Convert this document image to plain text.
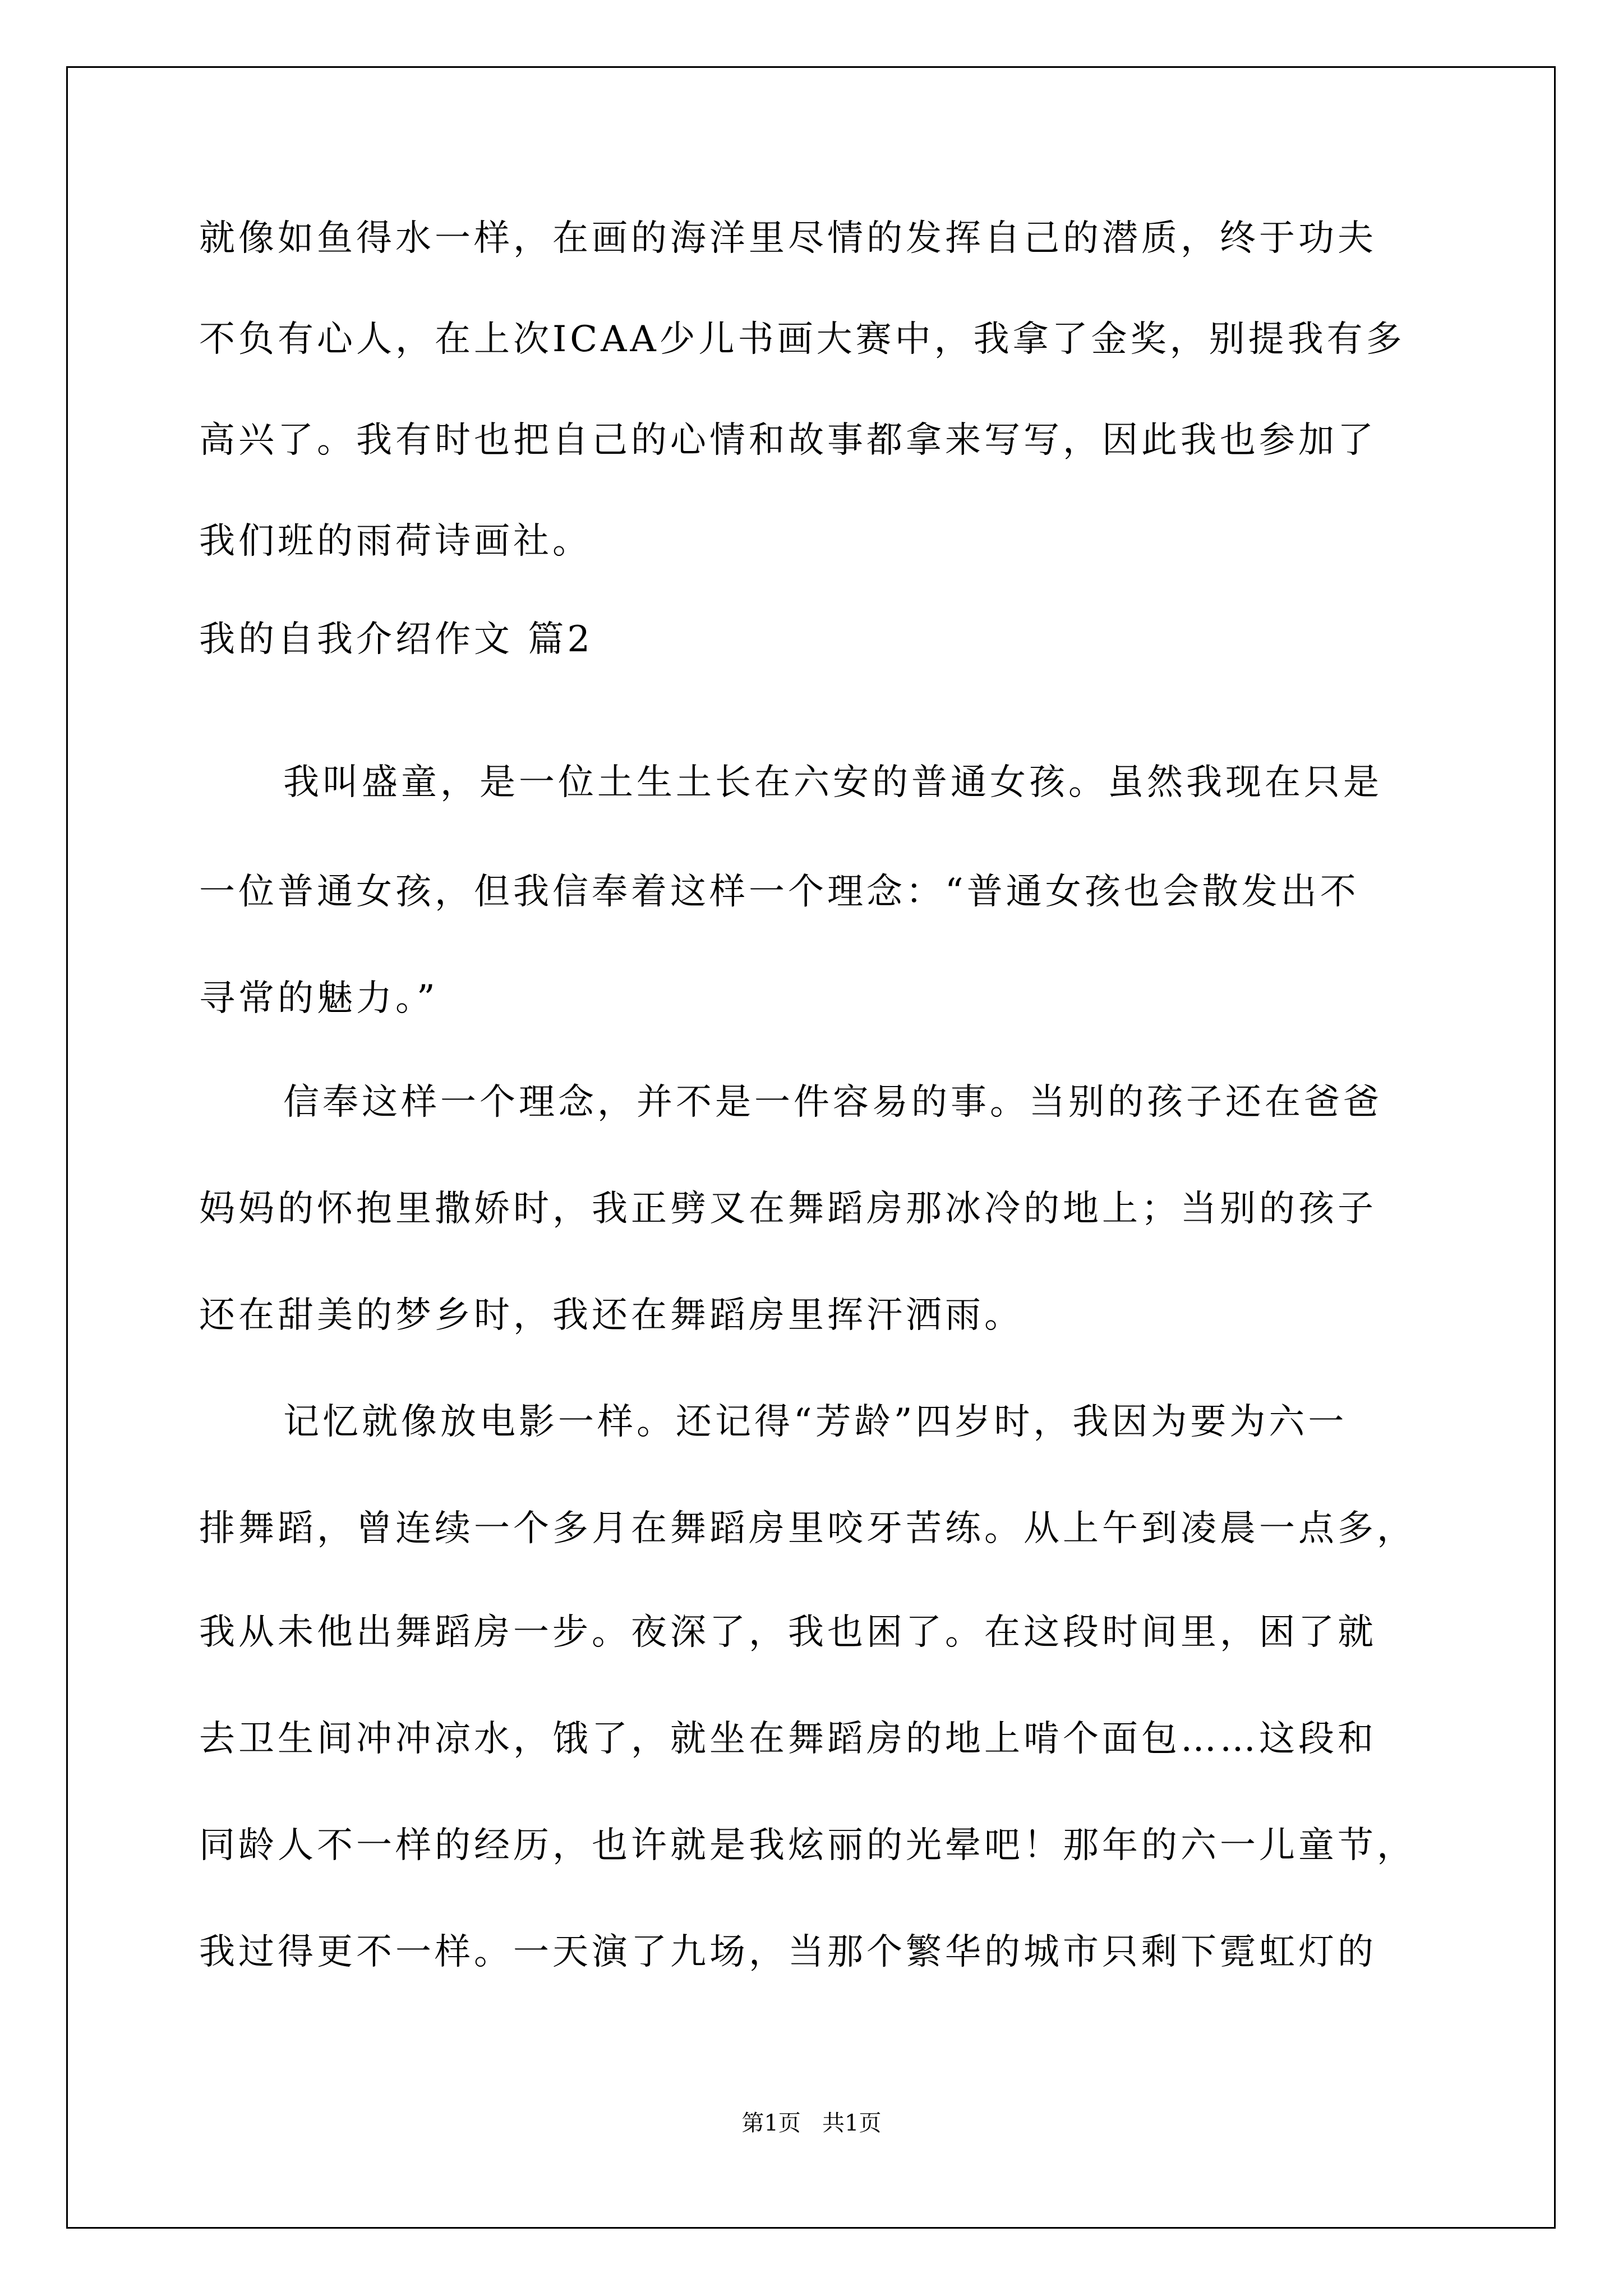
就像如鱼得水一样，在画的海洋里尽情的发挥自己的潜质，终于功夫
不负有心人，在上次ICAA少儿书画大赛中，我拿了金奖，别提我有多
高兴了。我有时也把自己的心情和故事都拿来写写，因此我也参加了
我们班的雨荷诗画社。
我的自我介绍作文 篇2
我叫盛童，是一位土生土长在六安的普通女孩。虽然我现在只是
一位普通女孩，但我信奉着这样一个理念：“普通女孩也会散发出不
寻常的魅力。”
信奉这样一个理念，并不是一件容易的事。当别的孩子还在爸爸
妈妈的怀抱里撒娇时，我正劈叉在舞蹈房那冰冷的地上；当别的孩子
还在甜美的梦乡时，我还在舞蹈房里挥汗洒雨。
记忆就像放电影一样。还记得“芳龄”四岁时，我因为要为六一
排舞蹈，曾连续一个多月在舞蹈房里咬牙苦练。从上午到凌晨一点多，
我从未他出舞蹈房一步。夜深了，我也困了。在这段时间里，困了就
去卫生间冲冲凉水，饿了，就坐在舞蹈房的地上啃个面包……这段和
同龄人不一样的经历，也许就是我炫丽的光晕吧！那年的六一儿童节，
我过得更不一样。一天演了九场，当那个繁华的城市只剩下霓虹灯的
第1页   共1页
